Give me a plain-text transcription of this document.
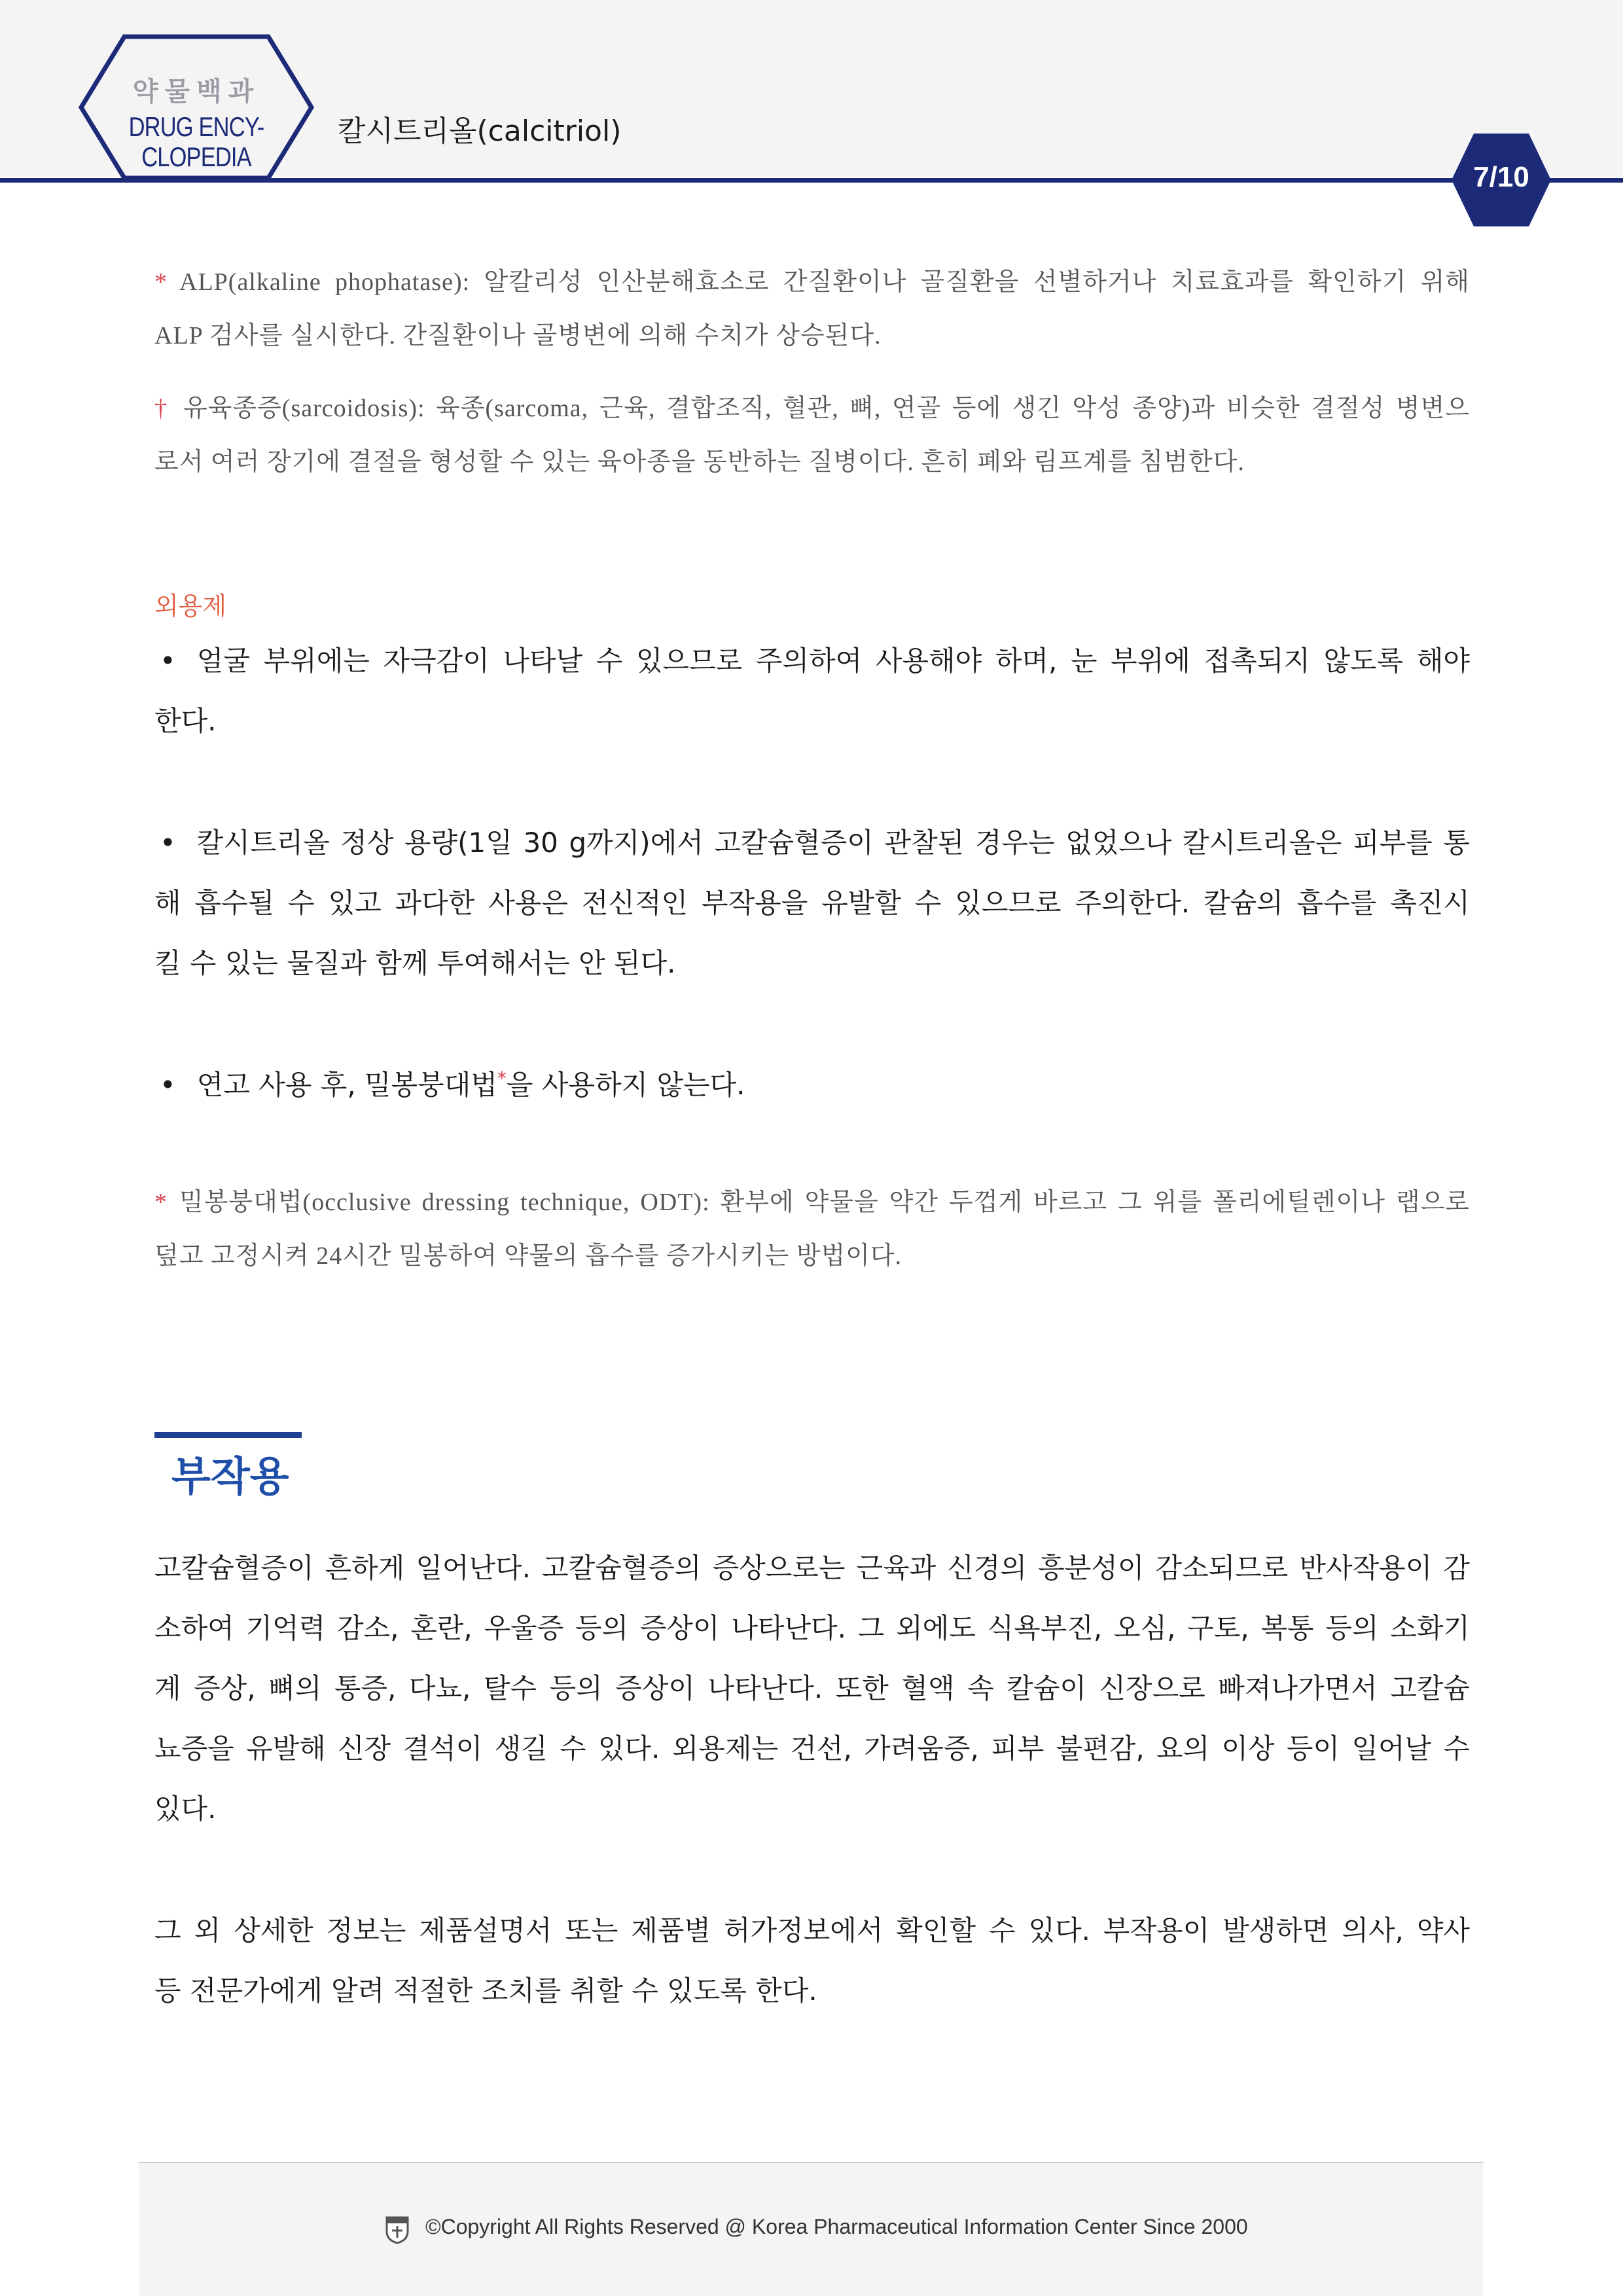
약물백과
DRUG ENCY-
CLOPEDIA
칼시트리올(calcitriol)
7/10
* ALP(alkaline phophatase): 알칼리성 인산분해효소로 간질환이나 골질환을 선별하거나 치료효과를 확인하기 위해
ALP 검사를 실시한다. 간질환이나 골병변에 의해 수치가 상승된다.
† 유육종증(sarcoidosis): 육종(sarcoma, 근육, 결합조직, 혈관, 뼈, 연골 등에 생긴 악성 종양)과 비슷한 결절성 병변으
로서 여러 장기에 결절을 형성할 수 있는 육아종을 동반하는 질병이다. 흔히 폐와 림프계를 침범한다.
외용제
• 얼굴 부위에는 자극감이 나타날 수 있으므로 주의하여 사용해야 하며, 눈 부위에 접촉되지 않도록 해야
한다.
• 칼시트리올 정상 용량(1일 30 g까지)에서 고칼슘혈증이 관찰된 경우는 없었으나 칼시트리올은 피부를 통
해 흡수될 수 있고 과다한 사용은 전신적인 부작용을 유발할 수 있으므로 주의한다. 칼슘의 흡수를 촉진시
킬 수 있는 물질과 함께 투여해서는 안 된다.
• 연고 사용 후, 밀봉붕대법*을 사용하지 않는다.
* 밀봉붕대법(occlusive dressing technique, ODT): 환부에 약물을 약간 두껍게 바르고 그 위를 폴리에틸렌이나 랩으로
덮고 고정시켜 24시간 밀봉하여 약물의 흡수를 증가시키는 방법이다.
부작용
고칼슘혈증이 흔하게 일어난다. 고칼슘혈증의 증상으로는 근육과 신경의 흥분성이 감소되므로 반사작용이 감
소하여 기억력 감소, 혼란, 우울증 등의 증상이 나타난다. 그 외에도 식욕부진, 오심, 구토, 복통 등의 소화기
계 증상, 뼈의 통증, 다뇨, 탈수 등의 증상이 나타난다. 또한 혈액 속 칼슘이 신장으로 빠져나가면서 고칼슘
뇨증을 유발해 신장 결석이 생길 수 있다. 외용제는 건선, 가려움증, 피부 불편감, 요의 이상 등이 일어날 수
있다.
그 외 상세한 정보는 제품설명서 또는 제품별 허가정보에서 확인할 수 있다. 부작용이 발생하면 의사, 약사
등 전문가에게 알려 적절한 조치를 취할 수 있도록 한다.
©Copyright All Rights Reserved @ Korea Pharmaceutical Information Center Since 2000
